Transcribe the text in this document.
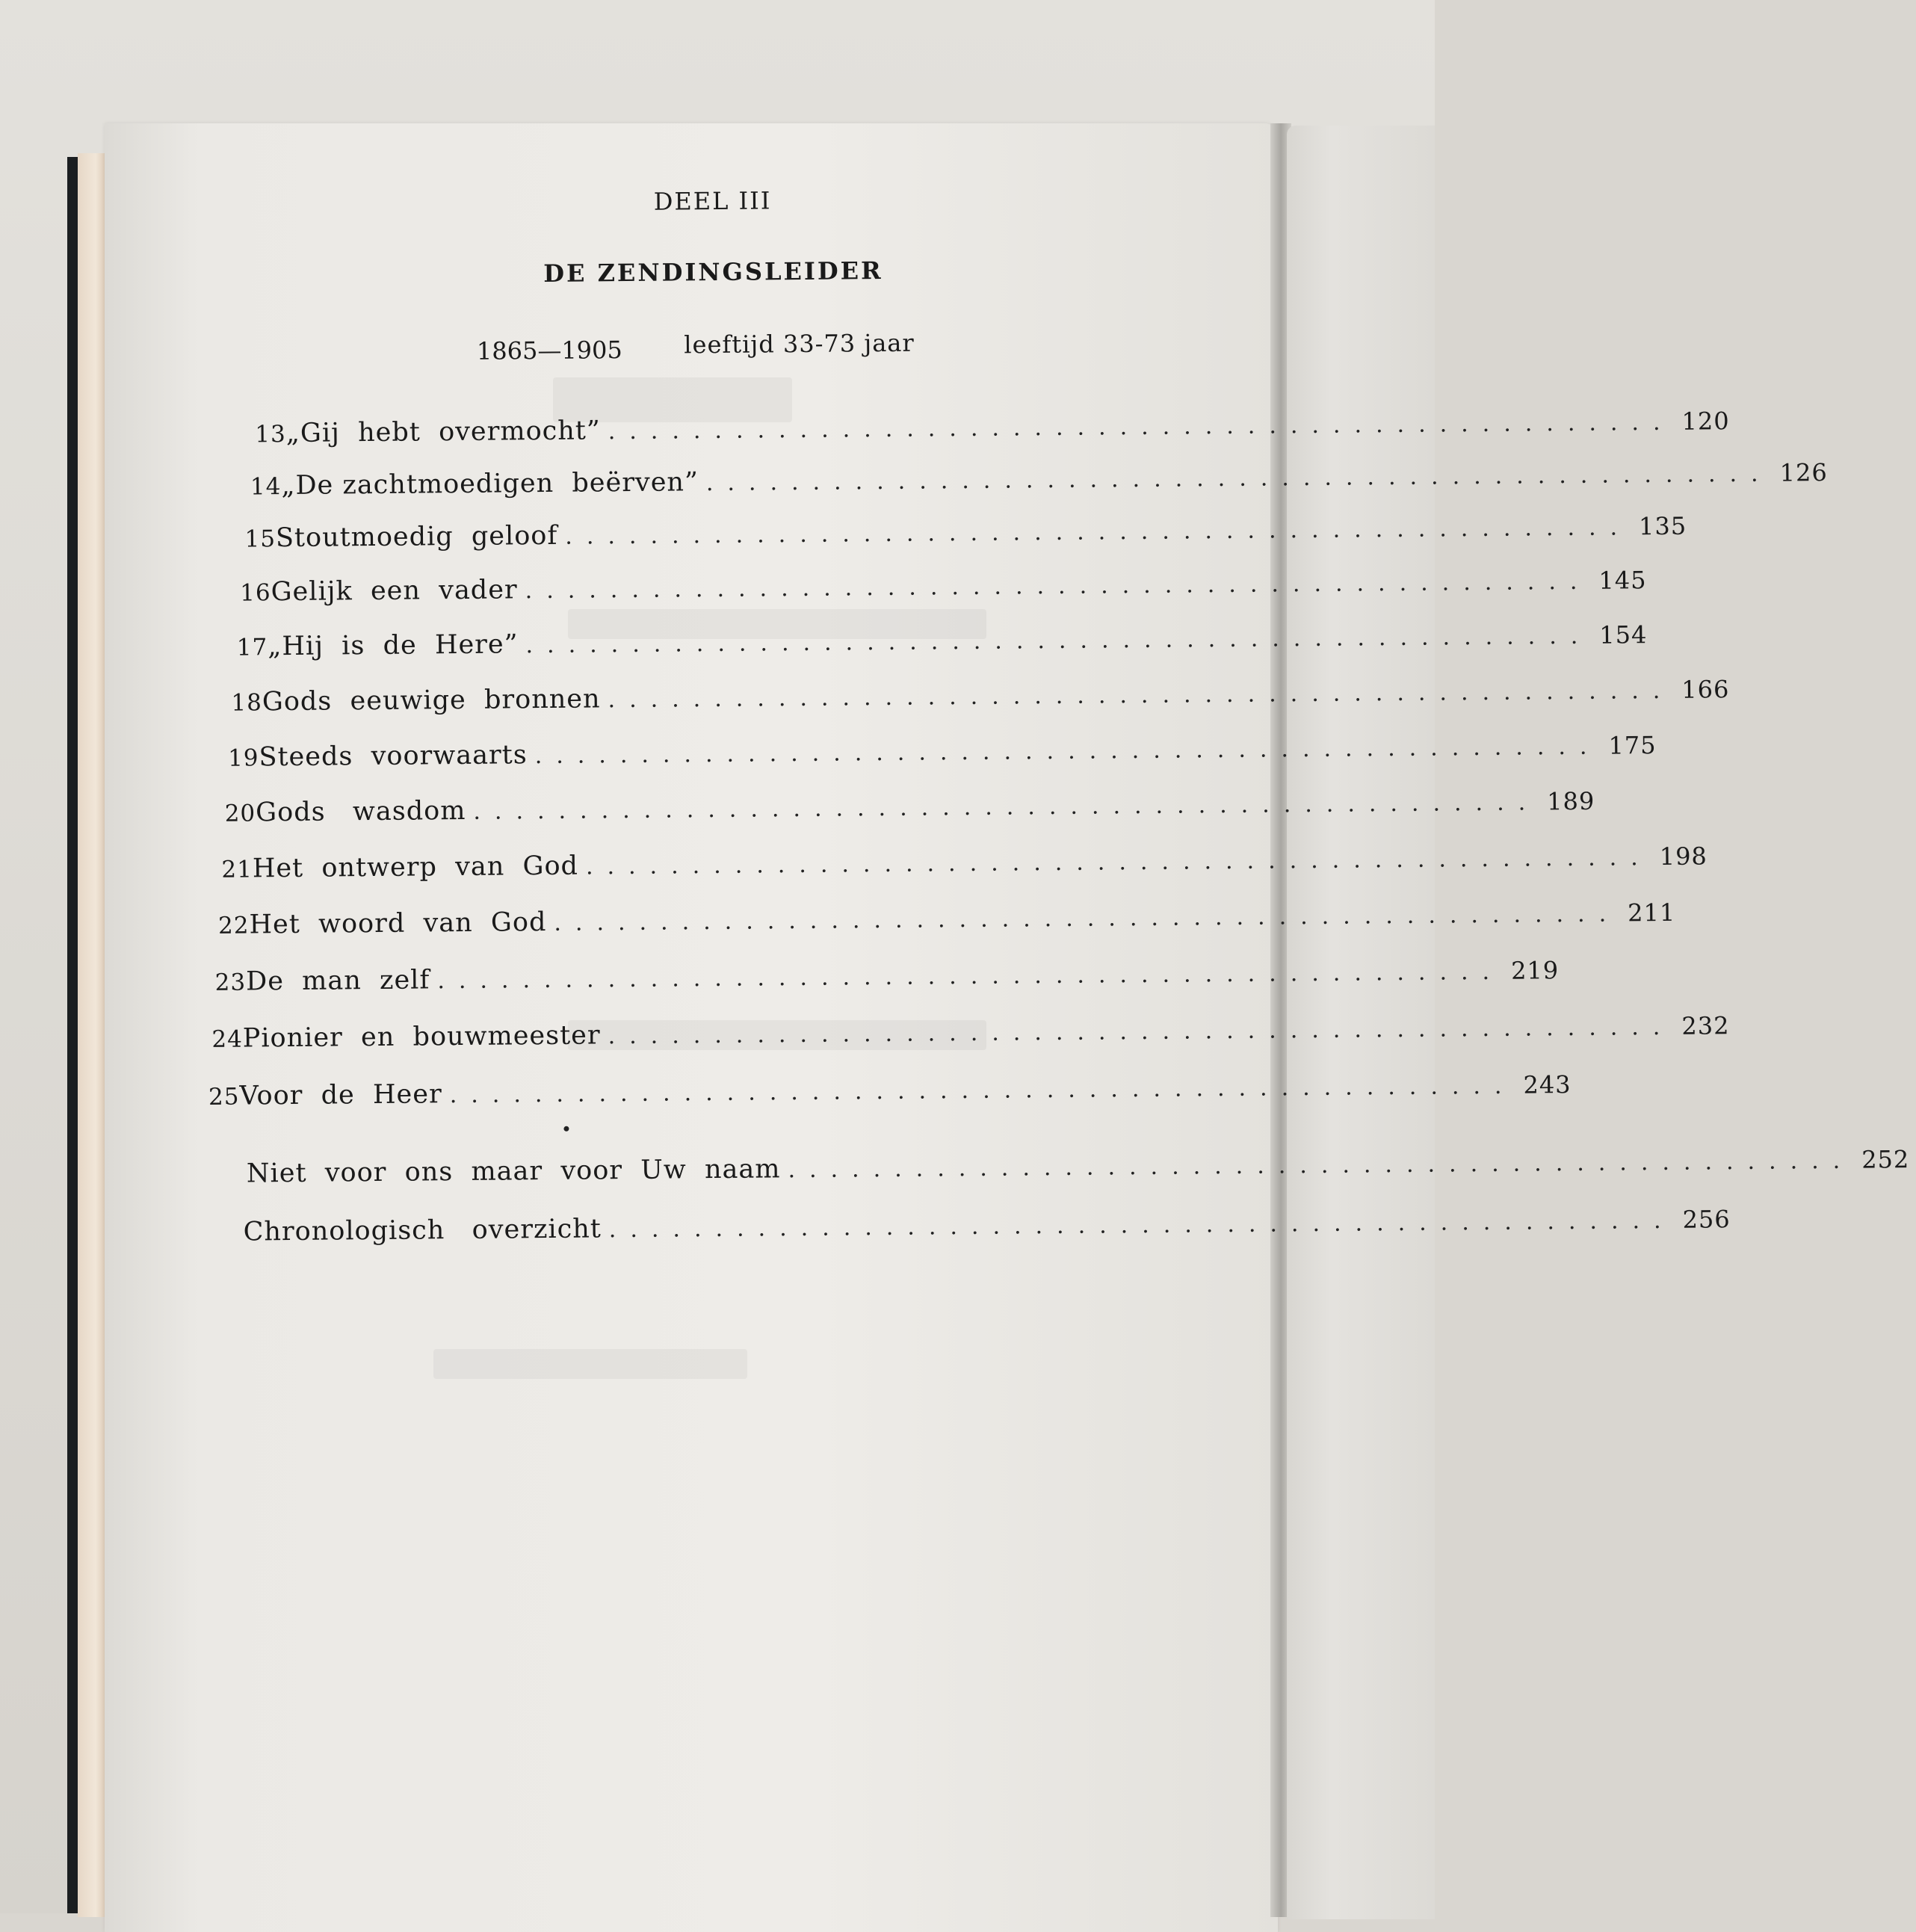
DEEL III
DE ZENDINGSLEIDER
1865—1905	leeftijd 33-73 jaar
13 „Gij  hebt  overmocht” .................................................. 120
14 „De zachtmoedigen  beërven” .................................................. 126
15 Stoutmoedig  geloof .................................................. 135
16 Gelijk  een  vader .................................................. 145
17 „Hij  is  de  Here” .................................................. 154
18 Gods  eeuwige  bronnen .................................................. 166
19 Steeds  voorwaarts .................................................. 175
20 Gods   wasdom .................................................. 189
21 Het  ontwerp  van  God .................................................. 198
22 Het  woord  van  God .................................................. 211
23 De  man  zelf .................................................. 219
24 Pionier  en  bouwmeester .................................................. 232
25 Voor  de  Heer .................................................. 243
Niet  voor  ons  maar  voor  Uw  naam .................................................. 252
Chronologisch   overzicht .................................................. 256
